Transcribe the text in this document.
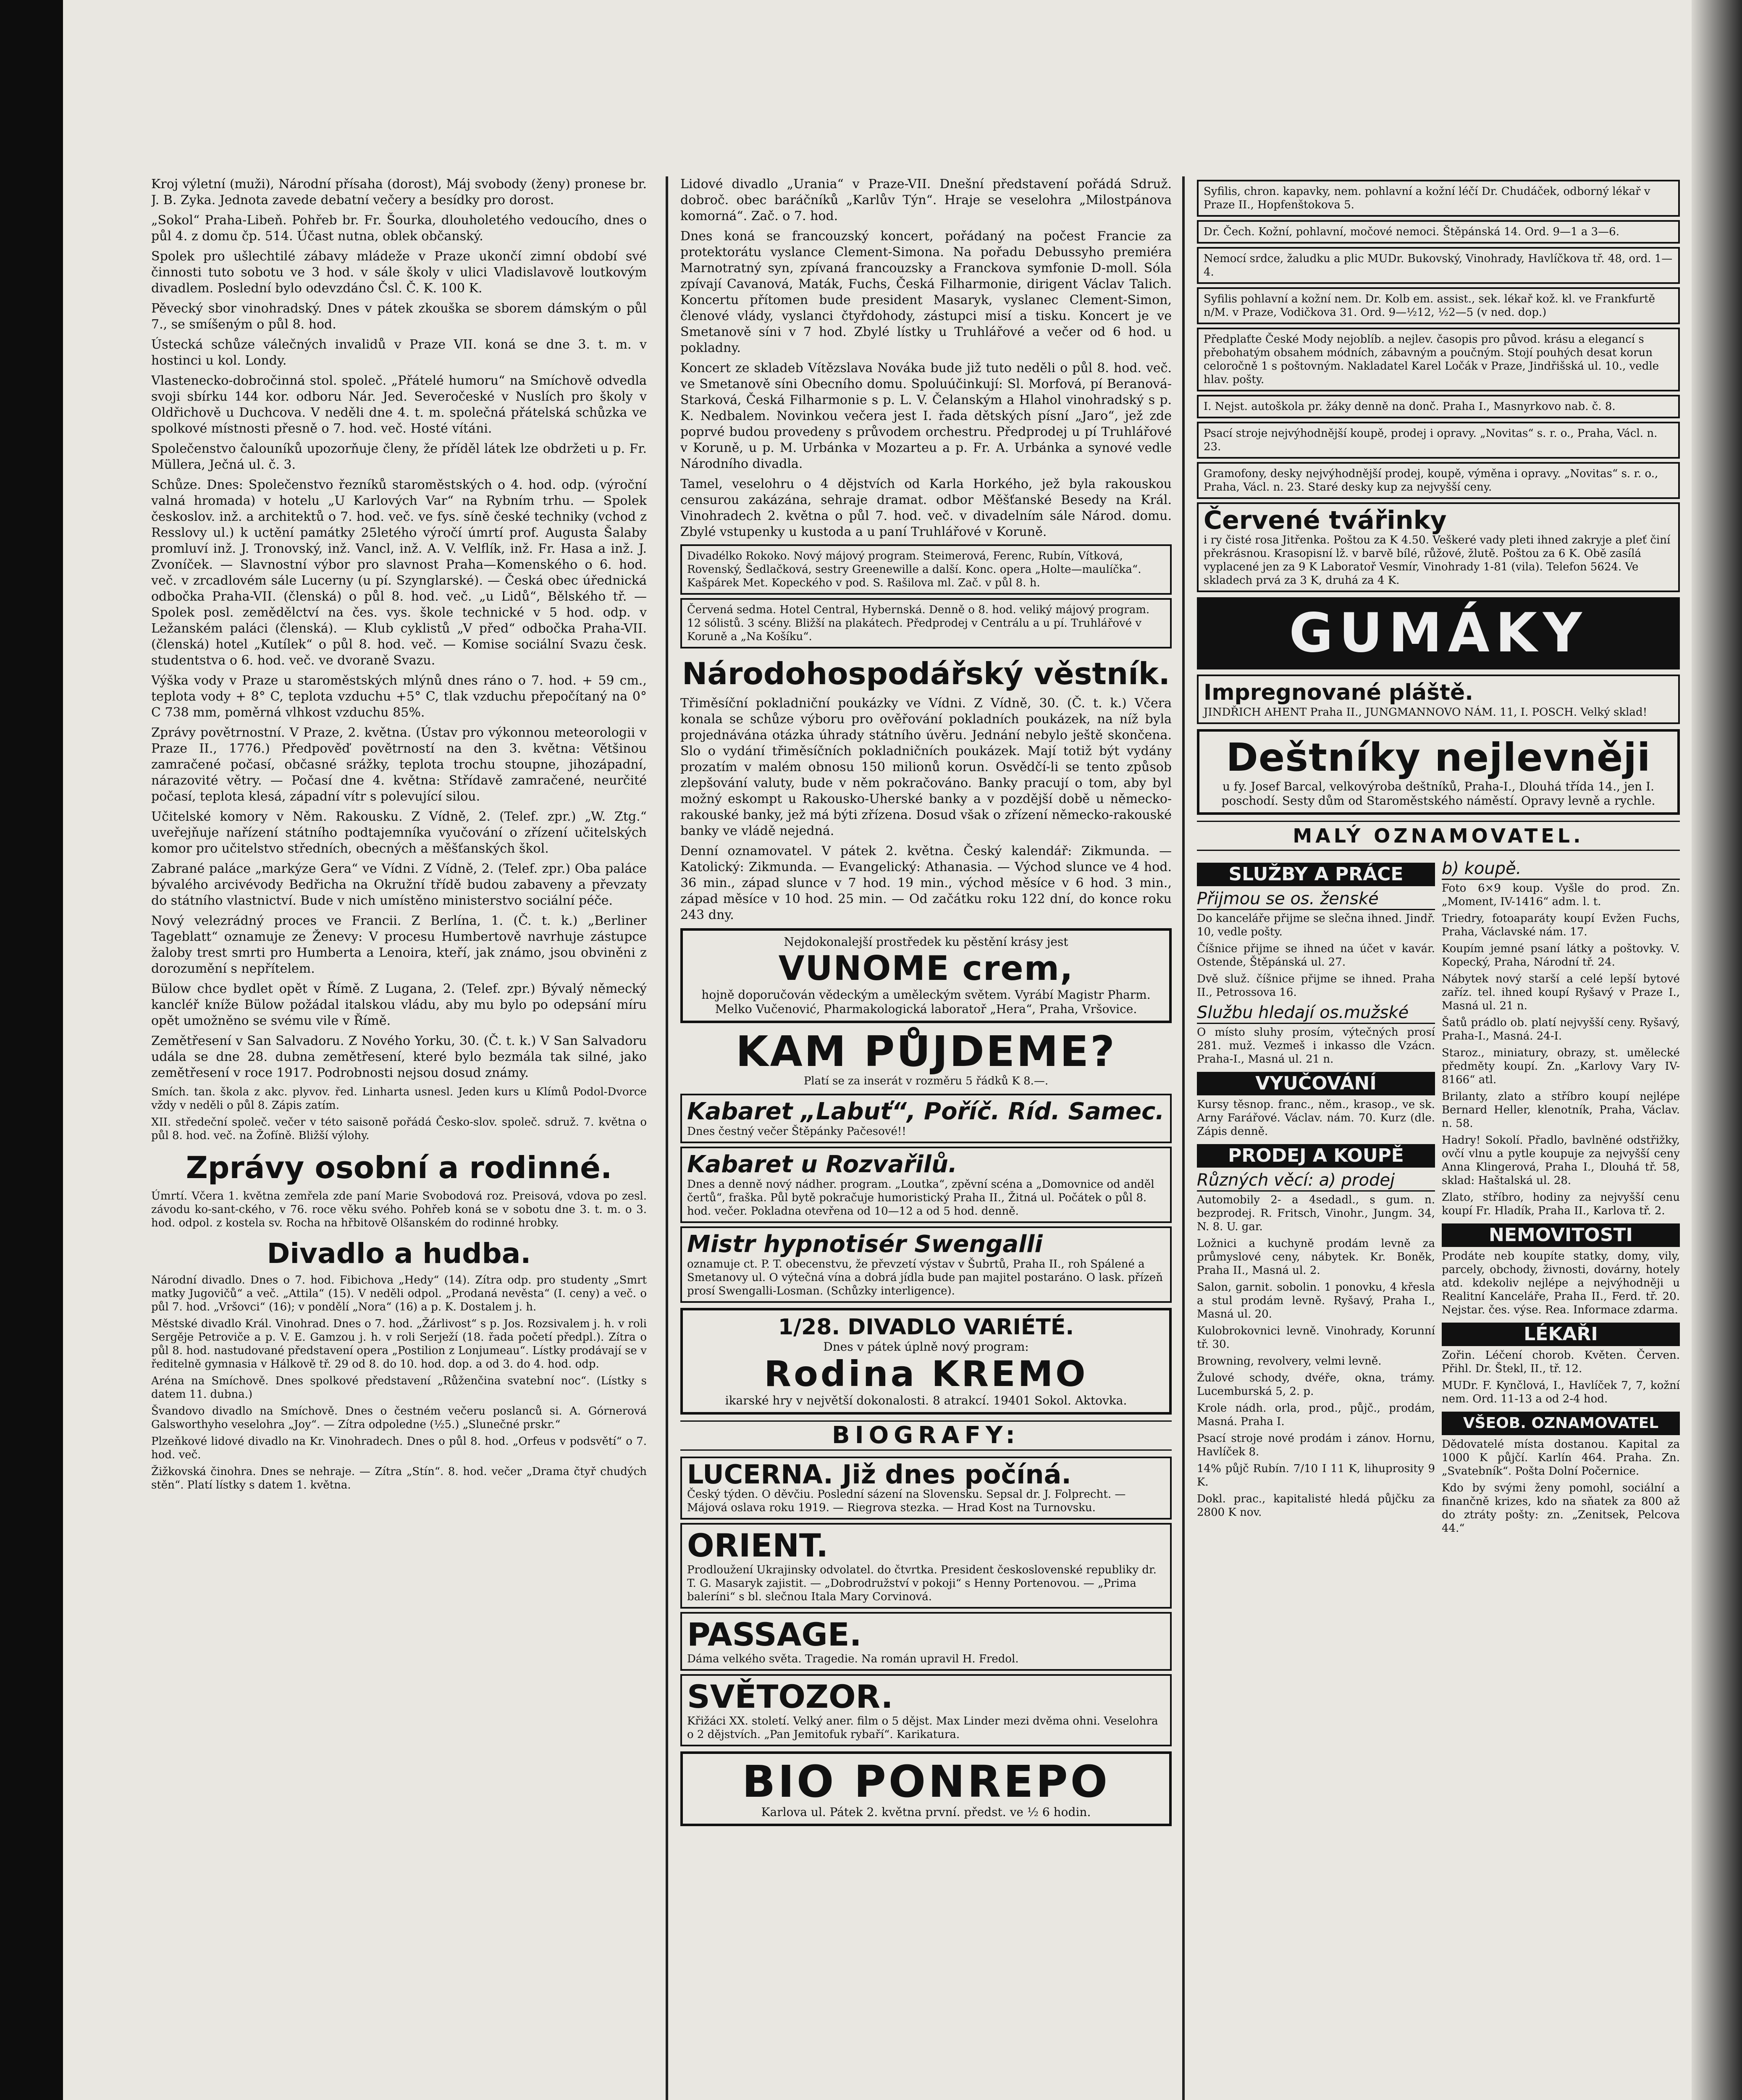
Kroj výletní (muži), Národní přísaha (dorost), Máj svobody (ženy) pronese br. J. B. Zyka. Jednota zavede debatní večery a besídky pro dorost.

„Sokol“ Praha-Libeň. Pohřeb br. Fr. Šourka, dlouholetého vedoucího, dnes o půl 4. z domu čp. 514. Účast nutna, oblek občanský.

Spolek pro ušlechtilé zábavy mládeže v Praze ukončí zimní období své činnosti tuto sobotu ve 3 hod. v sále školy v ulici Vladislavově loutkovým divadlem. Poslední bylo odevzdáno Čsl. Č. K. 100 K.

Pěvecký sbor vinohradský. Dnes v pátek zkouška se sborem dámským o půl 7., se smíšeným o půl 8. hod.

Ústecká schůze válečných invalidů v Praze VII. koná se dne 3. t. m. v hostinci u kol. Londy.

Vlastenecko-dobročinná stol. společ. „Přátelé humoru“ na Smíchově odvedla svoji sbírku 144 kor. odboru Nár. Jed. Severočeské v Nuslích pro školy v Oldřichově u Duchcova. V neděli dne 4. t. m. společná přátelská schůzka ve spolkové místnosti přesně o 7. hod. več. Hosté vítáni.

Společenstvo čalouníků upozorňuje členy, že příděl látek lze obdržeti u p. Fr. Müllera, Ječná ul. č. 3.

Schůze. Dnes: Společenstvo řezníků staroměstských o 4. hod. odp. (výroční valná hromada) v hotelu „U Karlových Var“ na Rybním trhu. — Spolek českoslov. inž. a architektů o 7. hod. več. ve fys. síně české techniky (vchod z Resslovy ul.) k uctění památky 25letého výročí úmrtí prof. Augusta Šalaby promluví inž. J. Tronovský, inž. Vancl, inž. A. V. Velflík, inž. Fr. Hasa a inž. J. Zvoníček. — Slavnostní výbor pro slavnost Praha—Komenského o 6. hod. več. v zrcadlovém sále Lucerny (u pí. Szynglarské). — Česká obec úřednická odbočka Praha-VII. (členská) o půl 8. hod. več. „u Lidů“, Bělského tř. — Spolek posl. zemědělctví na čes. vys. škole technické v 5 hod. odp. v Ležanském paláci (členská). — Klub cyklistů „V před“ odbočka Praha-VII. (členská) hotel „Kutílek“ o půl 8. hod. več. — Komise sociální Svazu česk. studentstva o 6. hod. več. ve dvoraně Svazu.

Výška vody v Praze u staroměstských mlýnů dnes ráno o 7. hod. + 59 cm., teplota vody + 8° C, teplota vzduchu +5° C, tlak vzduchu přepočítaný na 0° C 738 mm, poměrná vlhkost vzduchu 85%.

Zprávy povětrnostní. V Praze, 2. května. (Ústav pro výkonnou meteorologii v Praze II., 1776.) Předpověď povětrností na den 3. května: Většinou zamračené počasí, občasné srážky, teplota trochu stoupne, jihozápadní, nárazovité větry. — Počasí dne 4. května: Střídavě zamračené, neurčité počasí, teplota klesá, západní vítr s polevující silou.

Učitelské komory v Něm. Rakousku. Z Vídně, 2. (Telef. zpr.) „W. Ztg.“ uveřejňuje nařízení státního podtajemníka vyučování o zřízení učitelských komor pro učitelstvo středních, obecných a měšťanských škol.

Zabrané paláce „markýze Gera“ ve Vídni. Z Vídně, 2. (Telef. zpr.) Oba paláce bývalého arcivévody Bedřicha na Okružní třídě budou zabaveny a převzaty do státního vlastnictví. Bude v nich umístěno ministerstvo sociální péče.

Nový velezrádný proces ve Francii. Z Berlína, 1. (Č. t. k.) „Berliner Tageblatt“ oznamuje ze Ženevy: V procesu Humbertově navrhuje zástupce žaloby trest smrti pro Humberta a Lenoira, kteří, jak známo, jsou obviněni z dorozumění s nepřítelem.

Bülow chce bydlet opět v Římě. Z Lugana, 2. (Telef. zpr.) Bývalý německý kancléř kníže Bülow požádal italskou vládu, aby mu bylo po odepsání míru opět umožněno se svému vile v Římě.

Zemětřesení v San Salvadoru. Z Nového Yorku, 30. (Č. t. k.) V San Salvadoru udála se dne 28. dubna zemětřesení, které bylo bezmála tak silné, jako zemětřesení v roce 1917. Podrobnosti nejsou dosud známy.

Smích. tan. škola z akc. plyvov. řed. Linharta usnesl. Jeden kurs u Klímů Podol-Dvorce vždy v neděli o půl 8. Zápis zatím.

XII. středeční společ. večer v této saisoně pořádá Česko-slov. společ. sdruž. 7. května o půl 8. hod. več. na Žofíně. Bližší výlohy.

Zprávy osobní a rodinné.

Úmrtí. Včera 1. května zemřela zde paní Marie Svobodová roz. Preisová, vdova po zesl. závodu ko-sant-ckého, v 76. roce věku svého. Pohřeb koná se v sobotu dne 3. t. m. o 3. hod. odpol. z kostela sv. Rocha na hřbitově Olšanském do rodinné hrobky.

Divadlo a hudba.

Národní divadlo. Dnes o 7. hod. Fibichova „Hedy“ (14). Zítra odp. pro studenty „Smrt matky Jugovičů“ a več. „Attila“ (15). V neděli odpol. „Prodaná nevěsta“ (I. ceny) a več. o půl 7. hod. „Vršovci“ (16); v pondělí „Nora“ (16) a p. K. Dostalem j. h.

Městské divadlo Král. Vinohrad. Dnes o 7. hod. „Žárlivost“ s p. Jos. Rozsivalem j. h. v roli Sergěje Petroviče a p. V. E. Gamzou j. h. v roli Serježí (18. řada početí předpl.). Zítra o půl 8. hod. nastudované představení opera „Postilion z Lonjumeau“. Lístky prodávají se v ředitelně gymnasia v Hálkově tř. 29 od 8. do 10. hod. dop. a od 3. do 4. hod. odp.

Aréna na Smíchově. Dnes spolkové představení „Růženčina svatební noc“. (Lístky s datem 11. dubna.)

Švandovo divadlo na Smíchově. Dnes o čestném večeru poslanců si. A. Górnerová Galsworthyho veselohra „Joy“. — Zítra odpoledne (½5.) „Slunečné prskr.“

Plzeňkové lidové divadlo na Kr. Vinohradech. Dnes o půl 8. hod. „Orfeus v podsvětí“ o 7. hod. več.

Žižkovská činohra. Dnes se nehraje. — Zítra „Stín“. 8. hod. večer „Drama čtyř chudých stěn“. Platí lístky s datem 1. května.

Lidové divadlo „Urania“ v Praze-VII. Dnešní představení pořádá Sdruž. dobroč. obec baráčníků „Karlův Týn“. Hraje se veselohra „Milostpánova komorná“. Zač. o 7. hod.

Dnes koná se francouzský koncert, pořádaný na počest Francie za protektorátu vyslance Clement-Simona. Na pořadu Debussyho premiéra Marnotratný syn, zpívaná francouzsky a Franckova symfonie D-moll. Sóla zpívají Cavanová, Maták, Fuchs, Česká Filharmonie, dirigent Václav Talich. Koncertu přítomen bude president Masaryk, vyslanec Clement-Simon, členové vlády, vyslanci čtyřdohody, zástupci misí a tisku. Koncert je ve Smetanově síni v 7 hod. Zbylé lístky u Truhlářové a večer od 6 hod. u pokladny.

Koncert ze skladeb Vítězslava Nováka bude již tuto neděli o půl 8. hod. več. ve Smetanově síni Obecního domu. Spoluúčinkují: Sl. Morfová, pí Beranová-Starková, Česká Filharmonie s p. L. V. Čelanským a Hlahol vinohradský s p. K. Nedbalem. Novinkou večera jest I. řada dětských písní „Jaro“, jež zde poprvé budou provedeny s průvodem orchestru. Předprodej u pí Truhlářové v Koruně, u p. M. Urbánka v Mozarteu a p. Fr. A. Urbánka a synové vedle Národního divadla.

Tamel, veselohru o 4 dějstvích od Karla Horkého, jež byla rakouskou censurou zakázána, sehraje dramat. odbor Měšťanské Besedy na Král. Vinohradech 2. května o půl 7. hod. več. v divadelním sále Národ. domu. Zbylé vstupenky u kustoda a u paní Truhlářové v Koruně.

Divadélko Rokoko. Nový májový program. Steimerová, Ferenc, Rubín, Vítková, Rovenský, Šedlačková, sestry Greenewille a další. Konc. opera „Holte—maulíčka“. Kašpárek Met. Kopeckého v pod. S. Rašilova ml. Zač. v půl 8. h.
Červená sedma. Hotel Central, Hybernská. Denně o 8. hod. veliký májový program. 12 sólistů. 3 scény. Bližší na plakátech. Předprodej v Centrálu a u pí. Truhlářové v Koruně a „Na Košíku“.
Národohospodářský věstník.

Třiměsíční pokladniční poukázky ve Vídni. Z Vídně, 30. (Č. t. k.) Včera konala se schůze výboru pro ověřování pokladních poukázek, na níž byla projednávána otázka úhrady státního úvěru. Jednání nebylo ještě skončena. Slo o vydání třiměsíčních pokladničních poukázek. Mají totiž být vydány prozatím v malém obnosu 150 milionů korun. Osvědčí-li se tento způsob zlepšování valuty, bude v něm pokračováno. Banky pracují o tom, aby byl možný eskompt u Rakousko-Uherské banky a v pozdější době u německo-rakouské banky, jež má býti zřízena. Dosud však o zřízení německo-rakouské banky ve vládě nejedná.

Denní oznamovatel. V pátek 2. května. Český kalendář: Zikmunda. — Katolický: Zikmunda. — Evangelický: Athanasia. — Východ slunce ve 4 hod. 36 min., západ slunce v 7 hod. 19 min., východ měsíce v 6 hod. 3 min., západ měsíce v 10 hod. 25 min. — Od začátku roku 122 dní, do konce roku 243 dny.

Nejdokonalejší prostředek ku pěstění krásy jest
VUNOME crem,
hojně doporučován vědeckým a uměleckým světem. Vyrábí Magistr Pharm. Melko Vučenović, Pharmakologická laboratoř „Hera“, Praha, Vršovice.
KAM PŮJDEME?
Platí se za inserát v rozměru 5 řádků K 8.—.
Kabaret „Labuť“, Poříč. Ríd. Samec.
Dnes čestný večer Štěpánky Pačesové!!
Kabaret u Rozvařilů.
Dnes a denně nový nádher. program. „Loutka“, zpěvní scéna a „Domovnice od anděl čertů“, fraška. Půl bytě pokračuje humoristický Praha II., Žitná ul. Počátek o půl 8. hod. večer. Pokladna otevřena od 10—12 a od 5 hod. denně.
Mistr hypnotisér Swengalli
oznamuje ct. P. T. obecenstvu, že převzetí výstav v Šubrtů, Praha II., roh Spálené a Smetanovy ul. O výtečná vína a dobrá jídla bude pan majitel postaráno. O lask. přízeň prosí Swengalli-Losman. (Schůzky interligence).
1/28. DIVADLO VARIÉTÉ.
Dnes v pátek úplně nový program:
Rodina KREMO
ikarské hry v největší dokonalosti. 8 atrakcí. 19401 Sokol. Aktovka.
BIOGRAFY:
LUCERNA. Již dnes počíná.
Český týden. O děvčiu. Poslední sázení na Slovensku. Sepsal dr. J. Folprecht. — Májová oslava roku 1919. — Riegrova stezka. — Hrad Kost na Turnovsku.
ORIENT.
Prodloužení Ukrajinsky odvolatel. do čtvrtka. President československé republiky dr. T. G. Masaryk zajistit. — „Dobrodružství v pokoji“ s Henny Portenovou. — „Prima baleríni“ s bl. slečnou Itala Mary Corvinová.
PASSAGE.
Dáma velkého světa. Tragedie. Na román upravil H. Fredol.
SVĚTOZOR.
Křižáci XX. století. Velký aner. film o 5 dějst. Max Linder mezi dvěma ohni. Veselohra o 2 dějstvích. „Pan Jemitofuk rybaří“. Karikatura.
BIO PONREPO
Karlova ul. Pátek 2. května první. předst. ve ½ 6 hodin.
Syfilis, chron. kapavky, nem. pohlavní a kožní léčí Dr. Chudáček, odborný lékař v Praze II., Hopfenštokova 5.
Dr. Čech. Kožní, pohlavní, močové nemoci. Štěpánská 14. Ord. 9—1 a 3—6.
Nemocí srdce, žaludku a plic MUDr. Bukovský, Vinohrady, Havlíčkova tř. 48, ord. 1—4.
Syfilis pohlavní a kožní nem. Dr. Kolb em. assist., sek. lékař kož. kl. ve Frankfurtě n/M. v Praze, Vodičkova 31. Ord. 9—½12, ½2—5 (v ned. dop.)
Předplaťte České Mody nejoblíb. a nejlev. časopis pro původ. krásu a elegancí s přebohatým obsahem módních, zábavným a poučným. Stojí pouhých desat korun celoročně 1 s poštovným. Nakladatel Karel Ločák v Praze, Jindřišská ul. 10., vedle hlav. pošty.
I. Nejst. autoškola pr. žáky denně na donč. Praha I., Masnyrkovo nab. č. 8.
Psací stroje nejvýhodnější koupě, prodej i opravy. „Novitas“ s. r. o., Praha, Václ. n. 23.
Gramofony, desky nejvýhodnější prodej, koupě, výměna i opravy. „Novitas“ s. r. o., Praha, Václ. n. 23. Staré desky kup za nejvyšší ceny.
Červené tvářinky
i ry čisté rosa Jitřenka. Poštou za K 4.50. Veškeré vady pleti ihned zakryje a pleť činí překrásnou. Krasopisní lž. v barvě bílé, růžové, žlutě. Poštou za 6 K. Obě zasílá vyplacené jen za 9 K Laboratoř Vesmír, Vinohrady 1-81 (vila). Telefon 5624. Ve skladech prvá za 3 K, druhá za 4 K.
GUMÁKY
Impregnované pláště.
JINDŘICH AHENT Praha II., JUNGMANNOVO NÁM. 11, I. POSCH. Velký sklad!
Deštníky nejlevněji
u fy. Josef Barcal, velkovýroba deštníků, Praha-I., Dlouhá třída 14., jen I. poschodí. Sesty dům od Staroměstského náměstí. Opravy levně a rychle.
MALÝ OZNAMOVATEL.
SLUŽBY A PRÁCE
Přijmou se os. ženské

Do kanceláře přijme se slečna ihned. Jindř. 10, vedle pošty.

Číšnice přijme se ihned na účet v kavár. Ostende, Štěpánská ul. 27.

Dvě služ. číšnice přijme se ihned. Praha II., Petrossova 16.

Službu hledají os.mužské

O místo sluhy prosím, výtečných prosí 281. muž. Vezmeš i inkasso dle Vzácn. Praha-I., Masná ul. 21 n.

VYUČOVÁNÍ

Kursy těsnop. franc., něm., krasop., ve sk. Arny Farářové. Václav. nám. 70. Kurz (dle. Zápis denně.

PRODEJ A KOUPĚ
Různých věcí: a) prodej

Automobily 2- a 4sedadl., s gum. n. bezprodej. R. Fritsch, Vinohr., Jungm. 34, N. 8. U. gar.

Ložnici a kuchyně prodám levně za průmyslové ceny, nábytek. Kr. Boněk, Praha II., Masná ul. 2.

Salon, garnit. sobolin. 1 ponovku, 4 křesla a stul prodám levně. Ryšavý, Praha I., Masná ul. 20.

Kulobrokovnici levně. Vinohrady, Korunní tř. 30.

Browning, revolvery, velmi levně.

Žulové schody, dvéře, okna, trámy. Lucemburská 5, 2. p.

Krole nádh. orla, prod., půjč., prodám, Masná. Praha I.

Psací stroje nové prodám i zánov. Hornu, Havlíček 8.

14% půjč Rubín. 7/10 I 11 K, lihuprosity 9 K.

Dokl. prac., kapitalisté hledá půjčku za 2800 K nov.

b) koupě.

Foto 6×9 koup. Vyšle do prod. Zn. „Moment, IV-1416“ adm. l. t.

Triedry, fotoaparáty koupí Evžen Fuchs, Praha, Václavské nám. 17.

Koupím jemné psaní látky a poštovky. V. Kopecký, Praha, Národní tř. 24.

Nábytek nový starší a celé lepší bytové zaříz. tel. ihned koupí Ryšavý v Praze I., Masná ul. 21 n.

Šatů prádlo ob. platí nejvyšší ceny. Ryšavý, Praha-I., Masná. 24-I.

Staroz., miniatury, obrazy, st. umělecké předměty koupí. Zn. „Karlovy Vary IV-8166“ atl.

Brilanty, zlato a stříbro koupí nejlépe Bernard Heller, klenotník, Praha, Václav. n. 58.

Hadry! Sokolí. Přadlo, bavlněné odstřižky, ovčí vlnu a pytle koupuje za nejvyšší ceny Anna Klingerová, Praha I., Dlouhá tř. 58, sklad: Haštalská ul. 28.

Zlato, stříbro, hodiny za nejvyšší cenu koupí Fr. Hladík, Praha II., Karlova tř. 2.

NEMOVITOSTI

Prodáte neb koupíte statky, domy, vily, parcely, obchody, živnosti, dovárny, hotely atd. kdekoliv nejlépe a nejvýhodněji u Realitní Kanceláře, Praha II., Ferd. tř. 20. Nejstar. čes. výse. Rea. Informace zdarma.

LÉKAŘI

Zořin. Léčení chorob. Květen. Červen. Přihl. Dr. Štekl, II., tř. 12.

MUDr. F. Kynčlová, I., Havlíček 7, 7, kožní nem. Ord. 11-13 a od 2-4 hod.

VŠEOB. OZNAMOVATEL

Dědovatelé místa dostanou. Kapital za 1000 K půjčí. Karlín 464. Praha. Zn. „Svatebník“. Pošta Dolní Počernice.

Kdo by svými ženy pomohl, sociální a finančně krizes, kdo na sňatek za 800 až do ztráty pošty: zn. „Zenitsek, Pelcova 44.“
